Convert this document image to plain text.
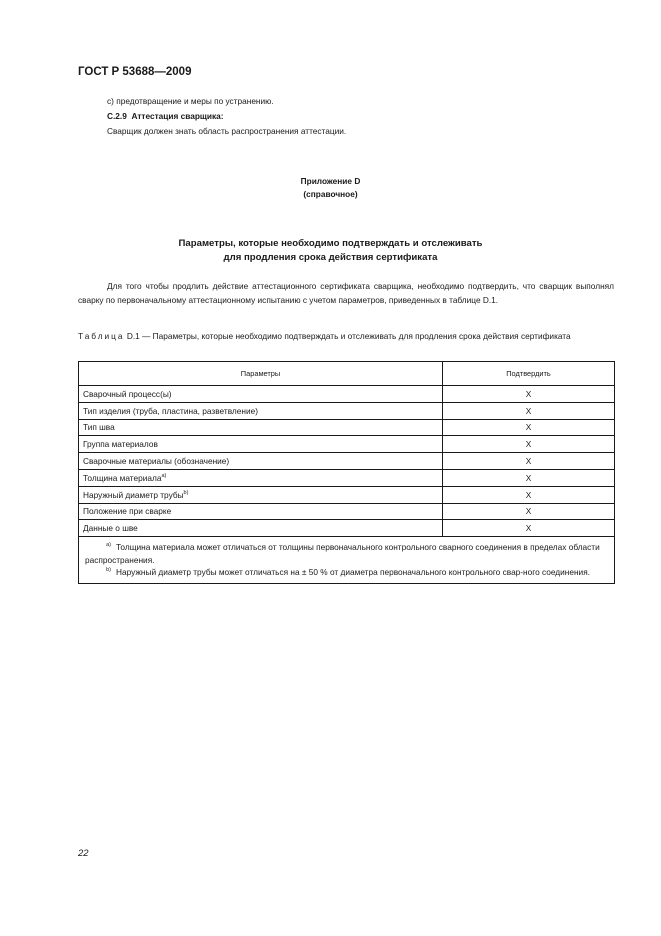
ГОСТ Р 53688—2009
с) предотвращение и меры по устранению.
С.2.9 Аттестация сварщика:
Сварщик должен знать область распространения аттестации.
Приложение D
(справочное)
Параметры, которые необходимо подтверждать и отслеживать
для продления срока действия сертификата
Для того чтобы продлить действие аттестационного сертификата сварщика, необходимо подтвердить, что сварщик выполнял сварку по первоначальному аттестационному испытанию с учетом параметров, приведенных в таблице D.1.
Таблица D.1 — Параметры, которые необходимо подтверждать и отслеживать для продления срока действия сертификата
Параметры	Подтвердить
Сварочный процесс(ы)	X
Тип изделия (труба, пластина, разветвление)	X
Тип шва	X
Группа материалов	X
Сварочные материалы (обозначение)	X
Толщина материала$^{a)}$	X
Наружный диаметр трубы$^{b)}$	X
Положение при сварке	X
Данные о шве	X

$^{a)}$ Толщина материала может отличаться от толщины первоначального контрольного сварного соединения в пределах области распространения.
$^{b)}$ Наружный диаметр трубы может отличаться на ± 50 % от диаметра первоначального контрольного свар-ного соединения.	
22
